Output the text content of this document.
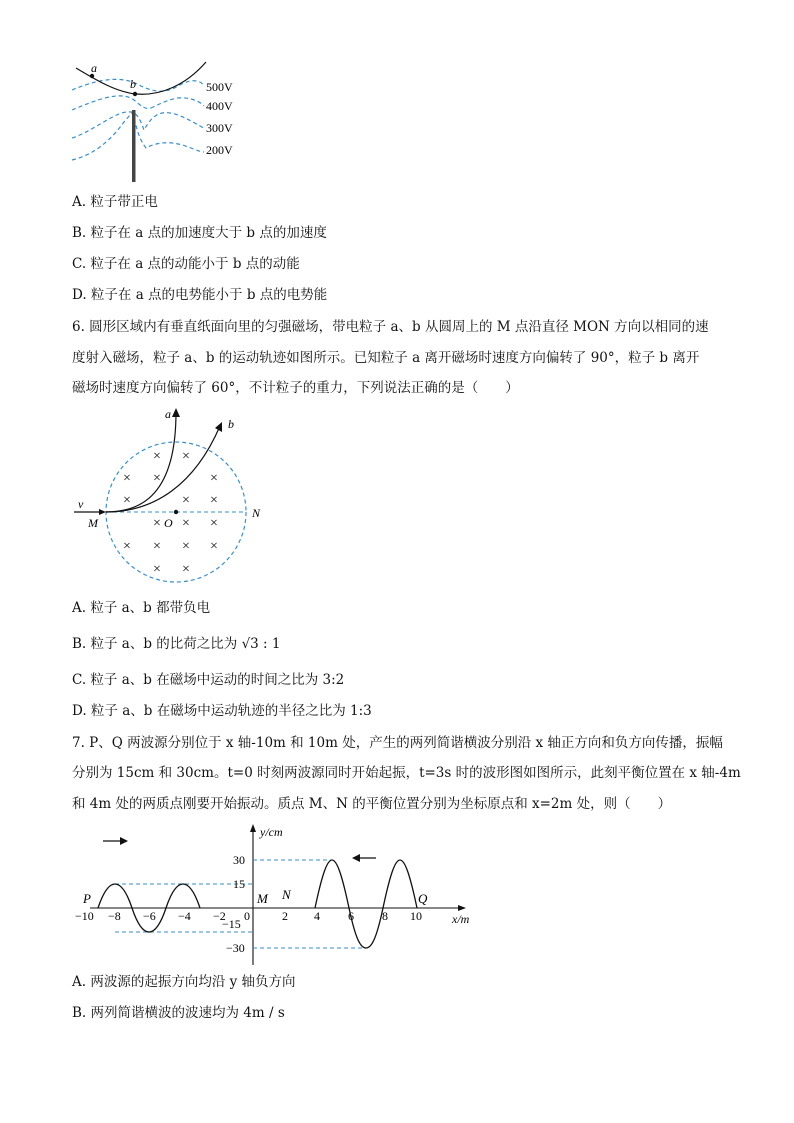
a
b	500V
400V
300V
200V
A. 粒子带正电
B. 粒子在 a 点的加速度大于 b 点的加速度
C. 粒子在 a 点的动能小于 b 点的动能
D. 粒子在 a 点的电势能小于 b 点的电势能
6. 圆形区域内有垂直纸面向里的匀强磁场，带电粒子 a、b 从圆周上的 M 点沿直径 MON 方向以相同的速
度射入磁场，粒子 a、b 的运动轨迹如图所示。已知粒子 a 离开磁场时速度方向偏转了 90°，粒子 b 离开
磁场时速度方向偏转了 60°，不计粒子的重力，下列说法正确的是（　　）
v
M
N
O
a
b
× ×
× ×	×
×	× ×
× × ×
× × × ×
× ×
A. 粒子 a、b 都带负电
B. 粒子 a、b 的比荷之比为 √3 : 1
C. 粒子 a、b 在磁场中运动的时间之比为 3:2
D. 粒子 a、b 在磁场中运动轨迹的半径之比为 1:3
7. P、Q 两波源分别位于 x 轴-10m 和 10m 处，产生的两列简谐横波分别沿 x 轴正方向和负方向传播，振幅
分别为 15cm 和 30cm。t=0 时刻两波源同时开始起振，t=3s 时的波形图如图所示，此刻平衡位置在 x 轴-4m
和 4m 处的两质点刚要开始振动。质点 M、N 的平衡位置分别为坐标原点和 x=2m 处，则（　　）
y/cm
x/m
30
15
−15
−30
−10 −8 −6 −4 −2 0	2 4 6 8 10
P	Q
M N
A. 两波源的起振方向均沿 y 轴负方向
B. 两列简谐横波的波速均为 4m / s
